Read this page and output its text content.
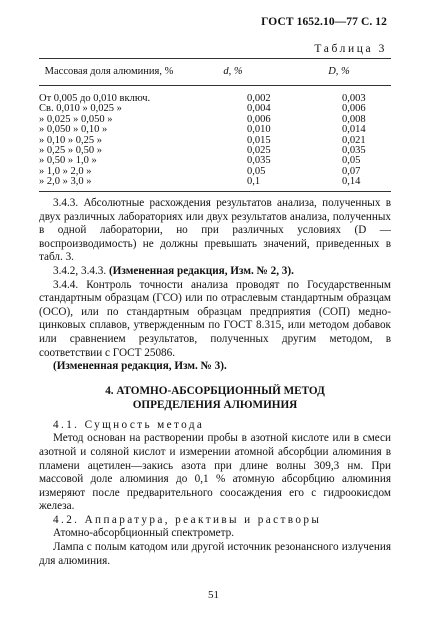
ГОСТ 1652.10—77 С. 12
Таблица 3
Массовая доля алюминия, %	d, %	D, %
От 0,005 до 0,010 включ.	0,002	0,003
Св. 0,010 » 0,025 »	0,004	0,006
» 0,025 » 0,050 »	0,006	0,008
» 0,050 » 0,10 »	0,010	0,014
» 0,10 » 0,25 »	0,015	0,021
» 0,25 » 0,50 »	0,025	0,035
» 0,50 » 1,0 »	0,035	0,05
» 1,0 » 2,0 »	0,05	0,07
» 2,0 » 3,0 »	0,1	0,14

3.4.3. Абсолютные расхождения результатов анализа, полученных в двух различных лабораториях или двух результатов анализа, полученных в одной лаборатории, но при различных условиях (D — воспроизводимость) не должны превышать значений, приведенных в табл. 3.

3.4.2, 3.4.3. (Измененная редакция, Изм. № 2, 3).

3.4.4. Контроль точности анализа проводят по Государственным стандартным образцам (ГСО) или по отраслевым стандартным образцам (ОСО), или по стандартным образцам предприятия (СОП) медно-цинковых сплавов, утвержденным по ГОСТ 8.315, или методом добавок или сравнением результатов, полученных другим методом, в соответствии с ГОСТ 25086.

(Измененная редакция, Изм. № 3).

4. АТОМНО-АБСОРБЦИОННЫЙ МЕТОД
ОПРЕДЕЛЕНИЯ АЛЮМИНИЯ

4.1. Сущность метода

Метод основан на растворении пробы в азотной кислоте или в смеси азотной и соляной кислот и измерении атомной абсорбции алюминия в пламени ацетилен—закись азота при длине волны 309,3 нм. При массовой доле алюминия до 0,1 % атомную абсорбцию алюминия измеряют после предварительного соосаждения его с гидроокисдом железа.

4.2. Аппаратура, реактивы и растворы

Атомно-абсорбционный спектрометр.

Лампа с полым катодом или другой источник резонансного излучения для алюминия.

51
